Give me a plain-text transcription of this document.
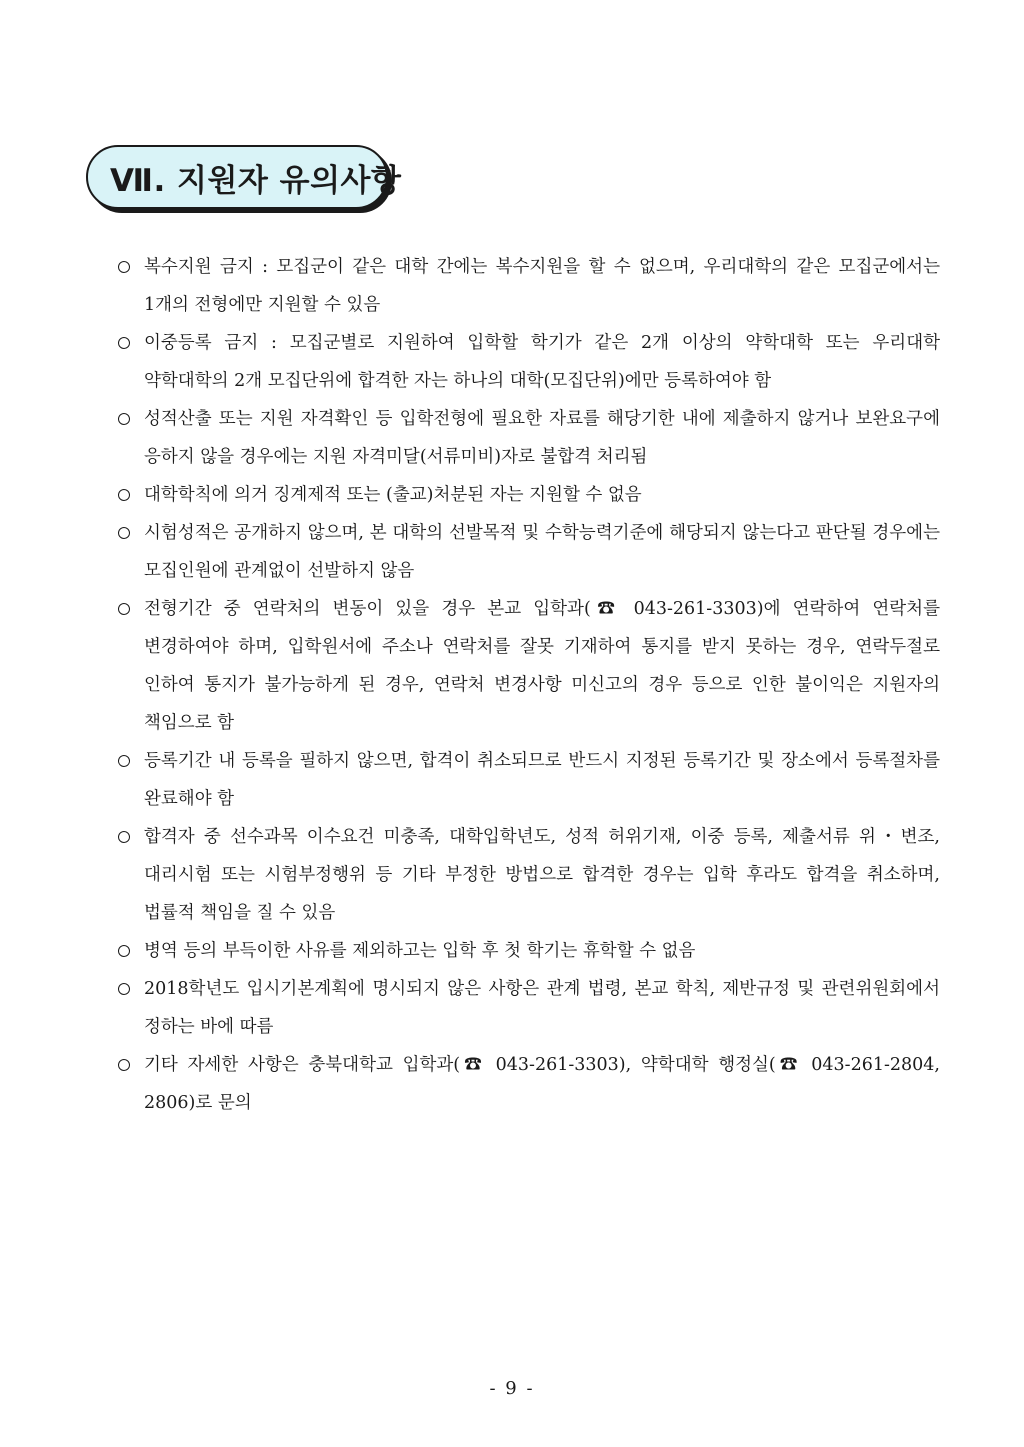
Ⅶ. 지원자 유의사항
복수지원 금지 : 모집군이 같은 대학 간에는 복수지원을 할 수 없으며, 우리대학의 같은 모집군에서는 1개의 전형에만 지원할 수 있음
이중등록 금지 : 모집군별로 지원하여 입학할 학기가 같은 2개 이상의 약학대학 또는 우리대학 약학대학의 2개 모집단위에 합격한 자는 하나의 대학(모집단위)에만 등록하여야 함
성적산출 또는 지원 자격확인 등 입학전형에 필요한 자료를 해당기한 내에 제출하지 않거나 보완요구에 응하지 않을 경우에는 지원 자격미달(서류미비)자로 불합격 처리됨
대학학칙에 의거 징계제적 또는 (출교)처분된 자는 지원할 수 없음
시험성적은 공개하지 않으며, 본 대학의 선발목적 및 수학능력기준에 해당되지 않는다고 판단될 경우에는 모집인원에 관계없이 선발하지 않음
전형기간 중 연락처의 변동이 있을 경우 본교 입학과(☎ 043-261-3303)에 연락하여 연락처를 변경하여야 하며, 입학원서에 주소나 연락처를 잘못 기재하여 통지를 받지 못하는 경우, 연락두절로 인하여 통지가 불가능하게 된 경우, 연락처 변경사항 미신고의 경우 등으로 인한 불이익은 지원자의 책임으로 함
등록기간 내 등록을 필하지 않으면, 합격이 취소되므로 반드시 지정된 등록기간 및 장소에서 등록절차를 완료해야 함
합격자 중 선수과목 이수요건 미충족, 대학입학년도, 성적 허위기재, 이중 등록, 제출서류 위・변조, 대리시험 또는 시험부정행위 등 기타 부정한 방법으로 합격한 경우는 입학 후라도 합격을 취소하며, 법률적 책임을 질 수 있음
병역 등의 부득이한 사유를 제외하고는 입학 후 첫 학기는 휴학할 수 없음
2018학년도 입시기본계획에 명시되지 않은 사항은 관계 법령, 본교 학칙, 제반규정 및 관련위원회에서 정하는 바에 따름
기타 자세한 사항은 충북대학교 입학과(☎ 043-261-3303), 약학대학 행정실(☎ 043-261-2804, 2806)로 문의
- 9 -
